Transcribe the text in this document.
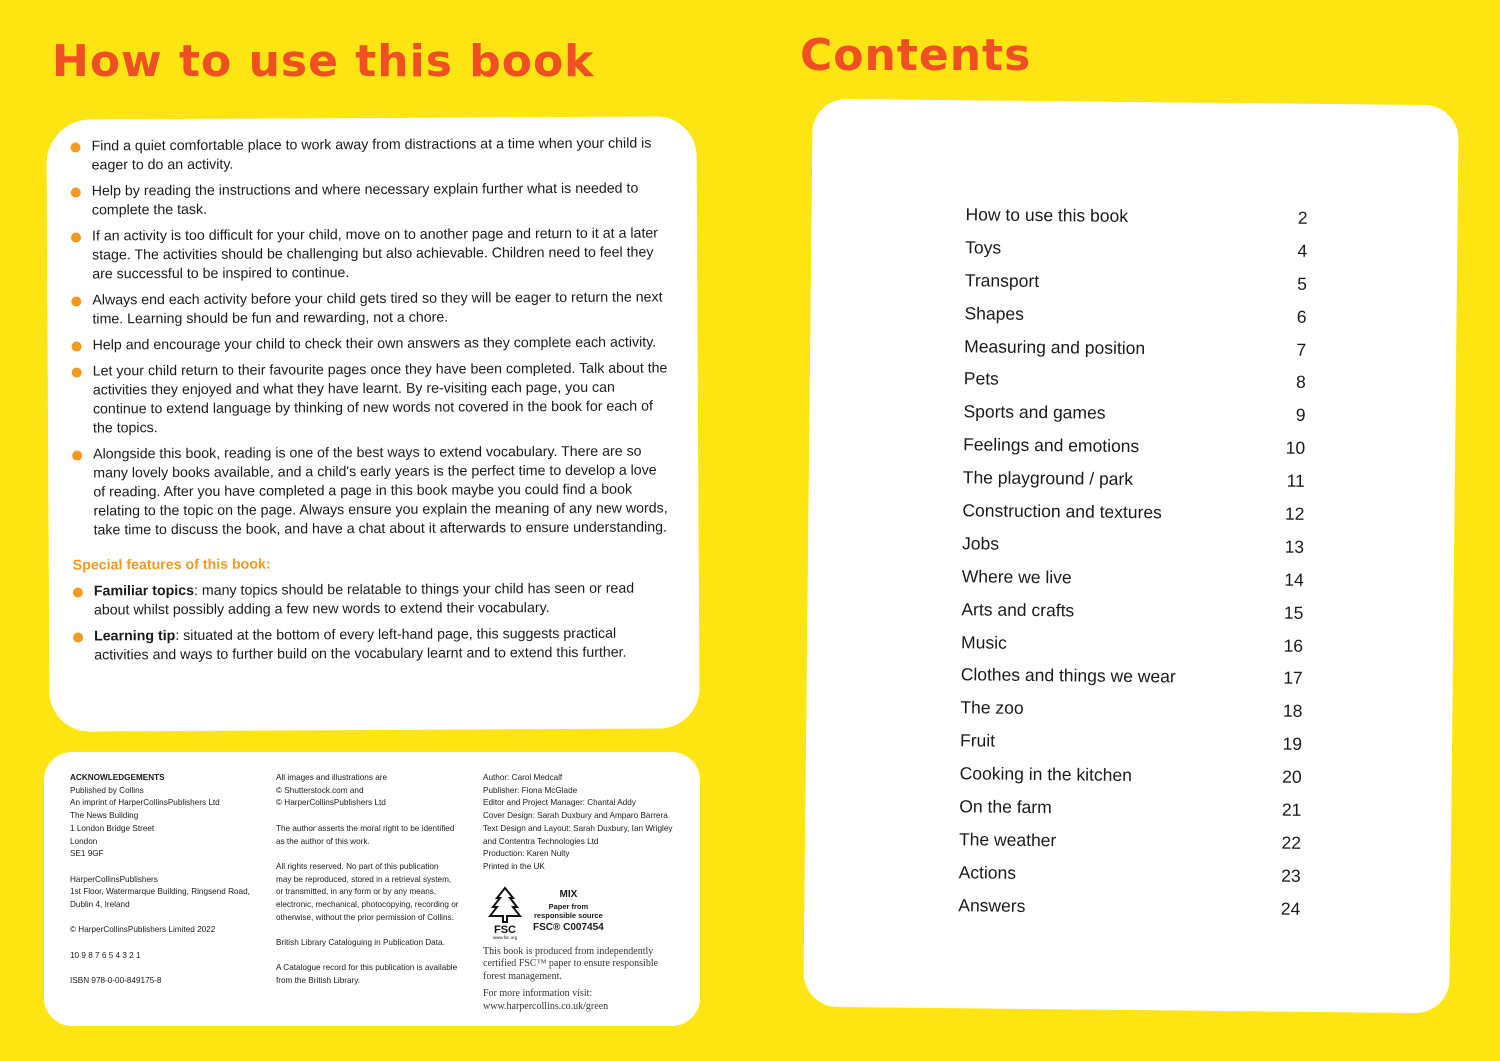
How to use this book	Contents
Find a quiet comfortable place to work away from distractions at a time when your child is eager to do an activity.
Help by reading the instructions and where necessary explain further what is needed to complete the task.
If an activity is too difficult for your child, move on to another page and return to it at a later stage. The activities should be challenging but also achievable. Children need to feel they are successful to be inspired to continue.
Always end each activity before your child gets tired so they will be eager to return the next time. Learning should be fun and rewarding, not a chore.
Help and encourage your child to check their own answers as they complete each activity.
Let your child return to their favourite pages once they have been completed. Talk about the activities they enjoyed and what they have learnt. By re-visiting each page, you can continue to extend language by thinking of new words not covered in the book for each of the topics.
Alongside this book, reading is one of the best ways to extend vocabulary. There are so many lovely books available, and a child's early years is the perfect time to develop a love of reading. After you have completed a page in this book maybe you could find a book relating to the topic on the page. Always ensure you explain the meaning of any new words, take time to discuss the book, and have a chat about it afterwards to ensure understanding.
Special features of this book:
Familiar topics: many topics should be relatable to things your child has seen or read about whilst possibly adding a few new words to extend their vocabulary.
Learning tip: situated at the bottom of every left-hand page, this suggests practical activities and ways to further build on the vocabulary learnt and to extend this further.
ACKNOWLEDGEMENTS

Published by Collins
An imprint of HarperCollinsPublishers Ltd
The News Building
1 London Bridge Street
London
SE1 9GF

HarperCollinsPublishers
1st Floor, Watermarque Building, Ringsend Road,
Dublin 4, Ireland

© HarperCollinsPublishers Limited 2022

10 9 8 7 6 5 4 3 2 1

ISBN 978-0-00-849175-8

All images and illustrations are
© Shutterstock.com and
© HarperCollinsPublishers Ltd

The author asserts the moral right to be identified
as the author of this work.

All rights reserved. No part of this publication
may be reproduced, stored in a retrieval system,
or transmitted, in any form or by any means,
electronic, mechanical, photocopying, recording or
otherwise, without the prior permission of Collins.

British Library Cataloguing in Publication Data.

A Catalogue record for this publication is available
from the British Library.

Author: Carol Medcalf
Publisher: Fiona McGlade
Editor and Project Manager: Chantal Addy
Cover Design: Sarah Duxbury and Amparo Barrera
Text Design and Layout: Sarah Duxbury, Ian Wrigley
and Contentra Technologies Ltd
Production: Karen Nulty
Printed in the UK

FSC
www.fsc.org
MIX
Paper from
responsible source
FSC® C007454
This book is produced from independently certified FSC™ paper to ensure responsible forest management.
For more information visit:
www.harpercollins.co.uk/green
How to use this book	2
Toys	4
Transport	5
Shapes	6
Measuring and position	7
Pets	8
Sports and games	9
Feelings and emotions	10
The playground / park	11
Construction and textures	12
Jobs	13
Where we live	14
Arts and crafts	15
Music	16
Clothes and things we wear	17
The zoo	18
Fruit	19
Cooking in the kitchen	20
On the farm	21
The weather	22
Actions	23
Answers	24
